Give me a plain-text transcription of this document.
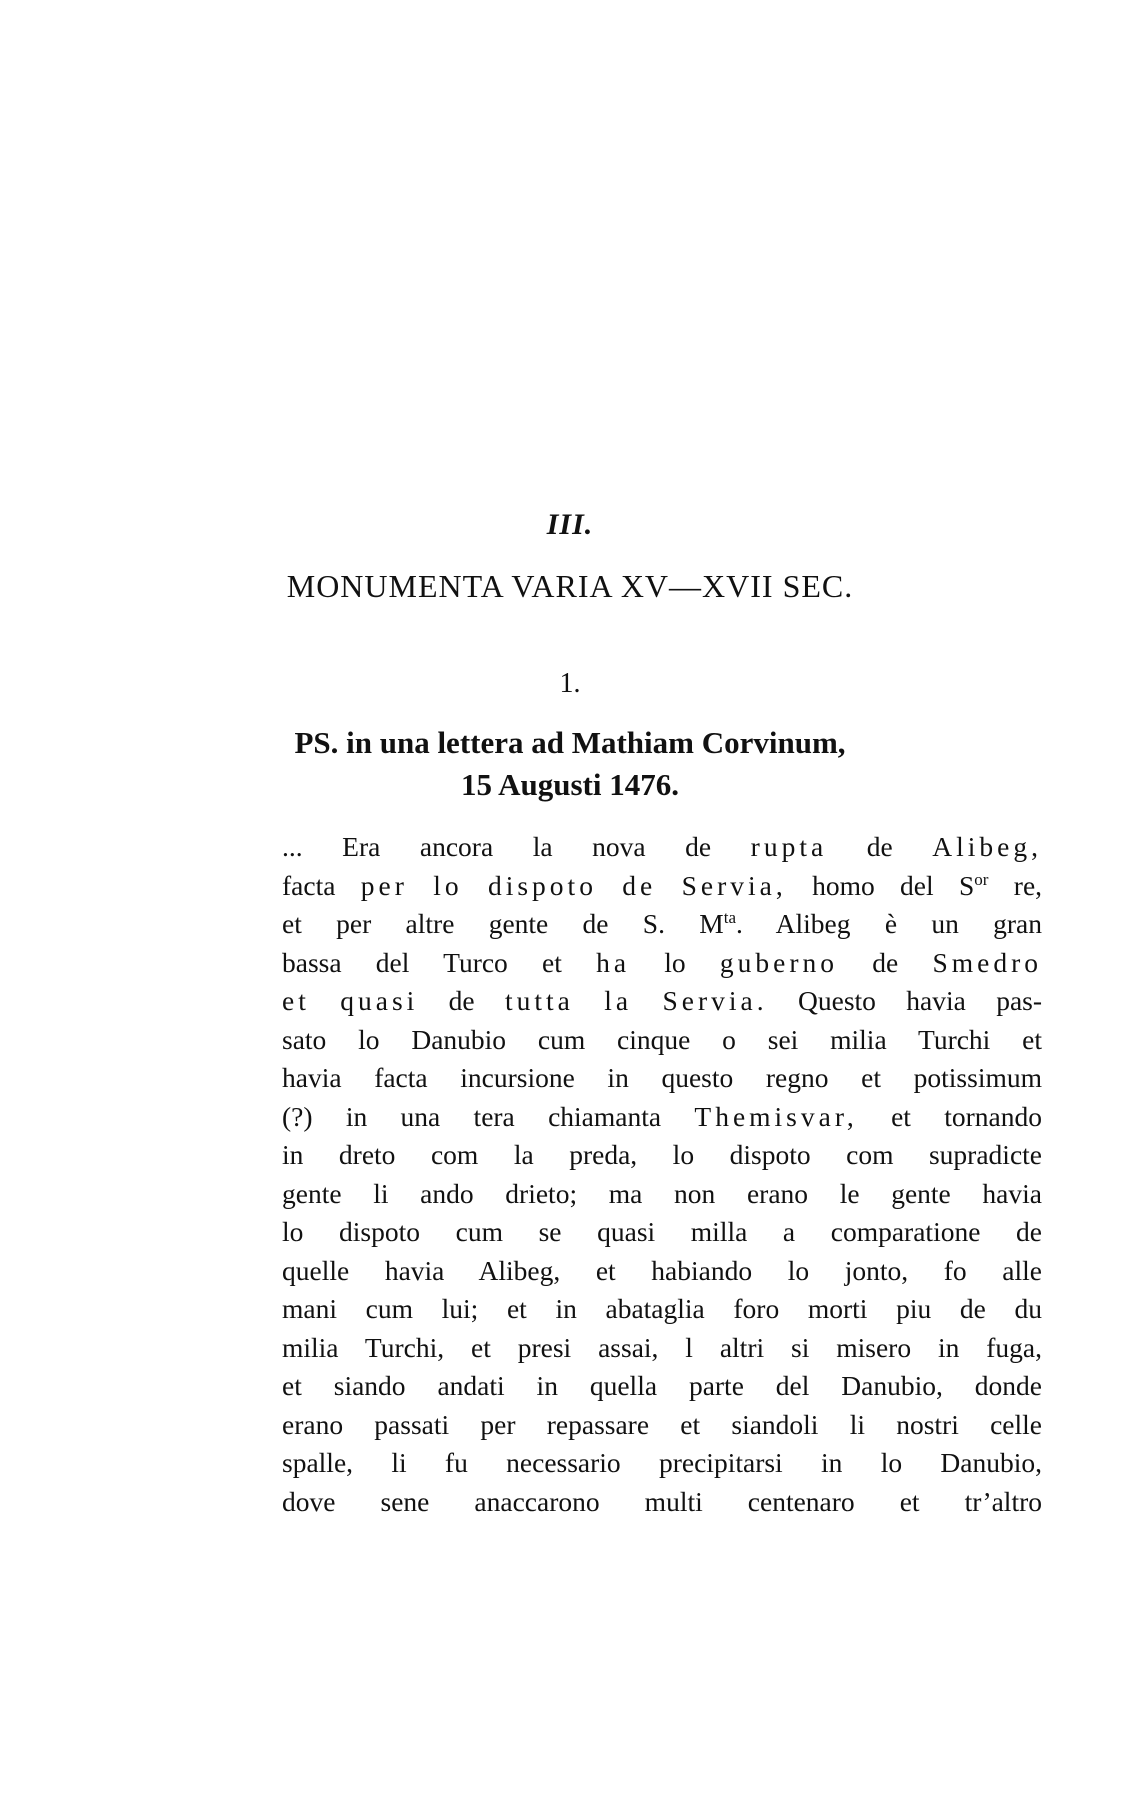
III.
MONUMENTA VARIA XV—XVII SEC.
1.
PS. in una lettera ad Mathiam Corvinum,
15 Augusti 1476.
... Era ancora la nova de rupta de Alibeg,
facta per lo dispoto de Servia, homo del $S^{or}$ re,
et per altre gente de S. $M^{ta}$. Alibeg è un gran
bassa del Turco et ha lo guberno de Smedro
et quasi de tutta la Servia. Questo havia pas-
sato lo Danubio cum cinque o sei milia Turchi et
havia facta incursione in questo regno et potissimum
(?) in una tera chiamanta Themisvar, et tornando
in dreto com la preda, lo dispoto com supradicte
gente li ando drieto; ma non erano le gente havia
lo dispoto cum se quasi milla a comparatione de
quelle havia Alibeg, et habiando lo jonto, fo alle
mani cum lui; et in abataglia foro morti piu de du
milia Turchi, et presi assai, l altri si misero in fuga,
et siando andati in quella parte del Danubio, donde
erano passati per repassare et siandoli li nostri celle
spalle, li fu necessario precipitarsi in lo Danubio,
dove sene anaccarono multi centenaro et tr’altro
